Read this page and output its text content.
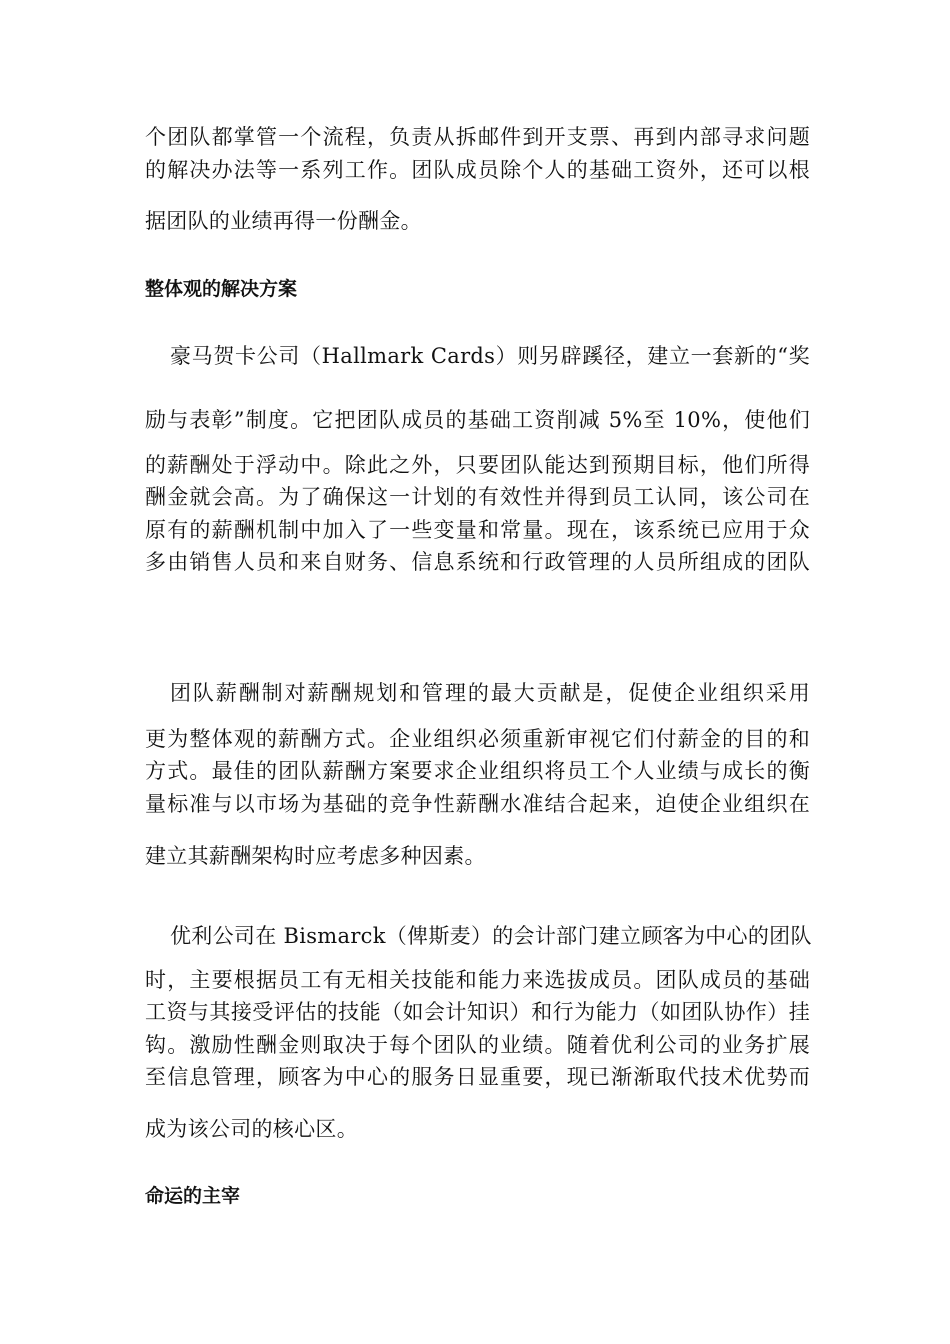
个团队都掌管一个流程，负责从拆邮件到开支票、再到内部寻求问题
的解决办法等一系列工作。团队成员除个人的基础工资外，还可以根
据团队的业绩再得一份酬金。
整体观的解决方案
豪马贺卡公司（Hallmark Cards）则另辟蹊径，建立一套新的“奖
励与表彰”制度。它把团队成员的基础工资削减 5%至 10%，使他们
的薪酬处于浮动中。除此之外，只要团队能达到预期目标，他们所得
酬金就会高。为了确保这一计划的有效性并得到员工认同，该公司在
原有的薪酬机制中加入了一些变量和常量。现在，该系统已应用于众
多由销售人员和来自财务、信息系统和行政管理的人员所组成的团队
团队薪酬制对薪酬规划和管理的最大贡献是，促使企业组织采用
更为整体观的薪酬方式。企业组织必须重新审视它们付薪金的目的和
方式。最佳的团队薪酬方案要求企业组织将员工个人业绩与成长的衡
量标准与以市场为基础的竞争性薪酬水准结合起来，迫使企业组织在
建立其薪酬架构时应考虑多种因素。
优利公司在 Bismarck（俾斯麦）的会计部门建立顾客为中心的团队
时，主要根据员工有无相关技能和能力来选拔成员。团队成员的基础
工资与其接受评估的技能（如会计知识）和行为能力（如团队协作）挂
钩。激励性酬金则取决于每个团队的业绩。随着优利公司的业务扩展
至信息管理，顾客为中心的服务日显重要，现已渐渐取代技术优势而
成为该公司的核心区。
命运的主宰
